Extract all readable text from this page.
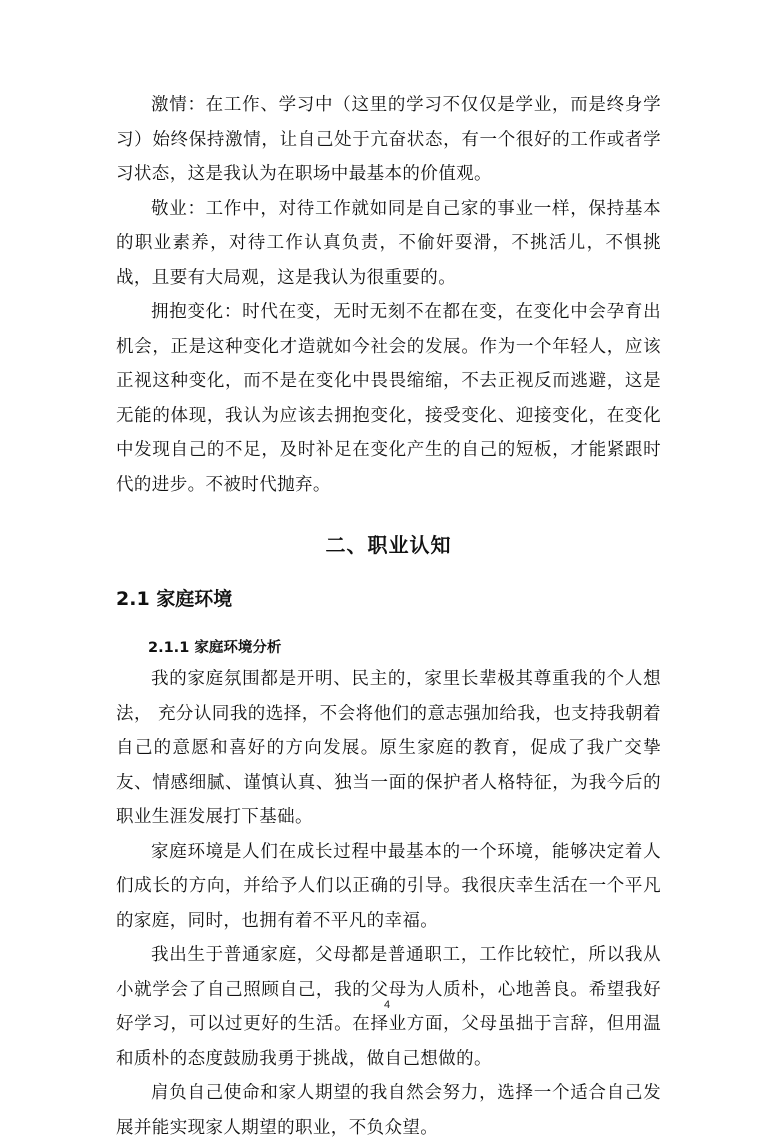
激情：在工作、学习中（这里的学习不仅仅是学业，而是终身学习）始终保持激情，让自己处于亢奋状态，有一个很好的工作或者学习状态，这是我认为在职场中最基本的价值观。

敬业：工作中，对待工作就如同是自己家的事业一样，保持基本的职业素养，对待工作认真负责，不偷奸耍滑，不挑活儿，不惧挑战，且要有大局观，这是我认为很重要的。

拥抱变化：时代在变，无时无刻不在都在变，在变化中会孕育出机会，正是这种变化才造就如今社会的发展。作为一个年轻人，应该正视这种变化，而不是在变化中畏畏缩缩，不去正视反而逃避，这是无能的体现，我认为应该去拥抱变化，接受变化、迎接变化，在变化中发现自己的不足，及时补足在变化产生的自己的短板，才能紧跟时代的进步。不被时代抛弃。

二、职业认知
2.1 家庭环境
2.1.1 家庭环境分析

我的家庭氛围都是开明、民主的，家里长辈极其尊重我的个人想法， 充分认同我的选择，不会将他们的意志强加给我，也支持我朝着自己的意愿和喜好的方向发展。原生家庭的教育，促成了我广交挚友、情感细腻、谨慎认真、独当一面的保护者人格特征，为我今后的职业生涯发展打下基础。

家庭环境是人们在成长过程中最基本的一个环境，能够决定着人们成长的方向，并给予人们以正确的引导。我很庆幸生活在一个平凡的家庭，同时，也拥有着不平凡的幸福。

我出生于普通家庭，父母都是普通职工，工作比较忙，所以我从小就学会了自己照顾自己，我的父母为人质朴，心地善良。希望我好好学习，可以过更好的生活。在择业方面，父母虽拙于言辞，但用温和质朴的态度鼓励我勇于挑战，做自己想做的。

肩负自己使命和家人期望的我自然会努力，选择一个适合自己发展并能实现家人期望的职业，不负众望。

4
